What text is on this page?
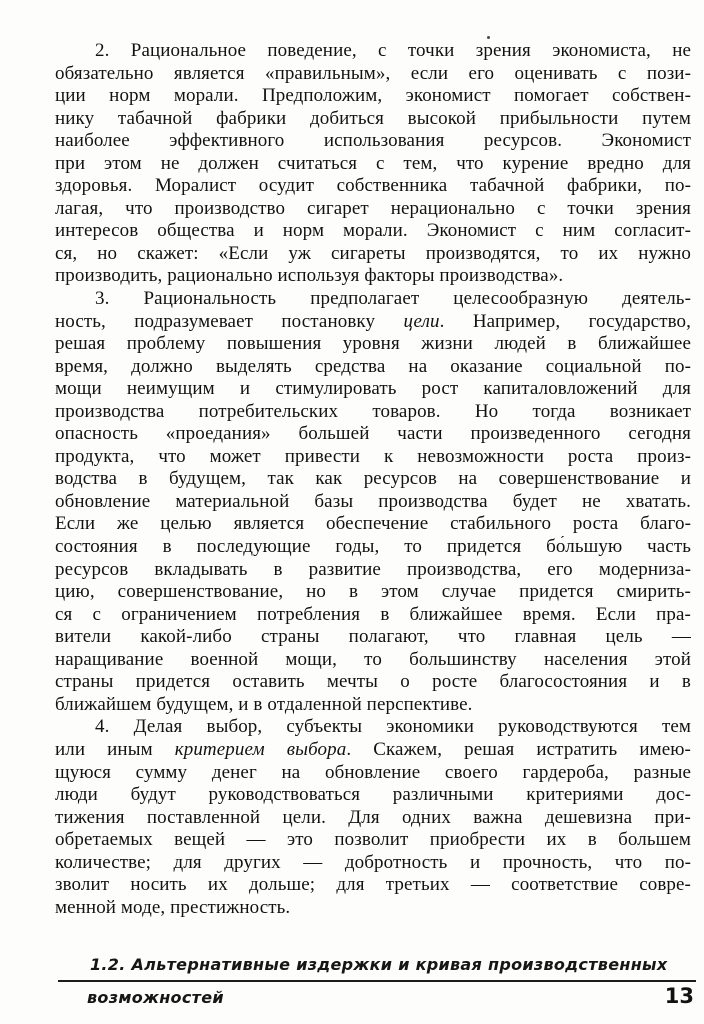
2. Рациональное поведение, с точки зрения экономиста, не
обязательно является «правильным», если его оценивать с пози-
ции норм морали. Предположим, экономист помогает собствен-
нику табачной фабрики добиться высокой прибыльности путем
наиболее эффективного использования ресурсов. Экономист
при этом не должен считаться с тем, что курение вредно для
здоровья. Моралист осудит собственника табачной фабрики, по-
лагая, что производство сигарет нерационально с точки зрения
интересов общества и норм морали. Экономист с ним согласит-
ся, но скажет: «Если уж сигареты производятся, то их нужно
производить, рационально используя факторы производства».
3. Рациональность предполагает целесообразную деятель-
ность, подразумевает постановку цели. Например, государство,
решая проблему повышения уровня жизни людей в ближайшее
время, должно выделять средства на оказание социальной по-
мощи неимущим и стимулировать рост капиталовложений для
производства потребительских товаров. Но тогда возникает
опасность «проедания» большей части произведенного сегодня
продукта, что может привести к невозможности роста произ-
водства в будущем, так как ресурсов на совершенствование и
обновление материальной базы производства будет не хватать.
Если же целью является обеспечение стабильного роста благо-
состояния в последующие годы, то придется бо́льшую часть
ресурсов вкладывать в развитие производства, его модерниза-
цию, совершенствование, но в этом случае придется смирить-
ся с ограничением потребления в ближайшее время. Если пра-
вители какой-либо страны полагают, что главная цель —
наращивание военной мощи, то большинству населения этой
страны придется оставить мечты о росте благосостояния и в
ближайшем будущем, и в отдаленной перспективе.
4. Делая выбор, субъекты экономики руководствуются тем
или иным критерием выбора. Скажем, решая истратить имею-
щуюся сумму денег на обновление своего гардероба, разные
люди будут руководствоваться различными критериями дос-
тижения поставленной цели. Для одних важна дешевизна при-
обретаемых вещей — это позволит приобрести их в большем
количестве; для других — добротность и прочность, что по-
зволит носить их дольше; для третьих — соответствие совре-
менной моде, престижность.
1.2. Альтернативные издержки и кривая производственных
возможностей	13
